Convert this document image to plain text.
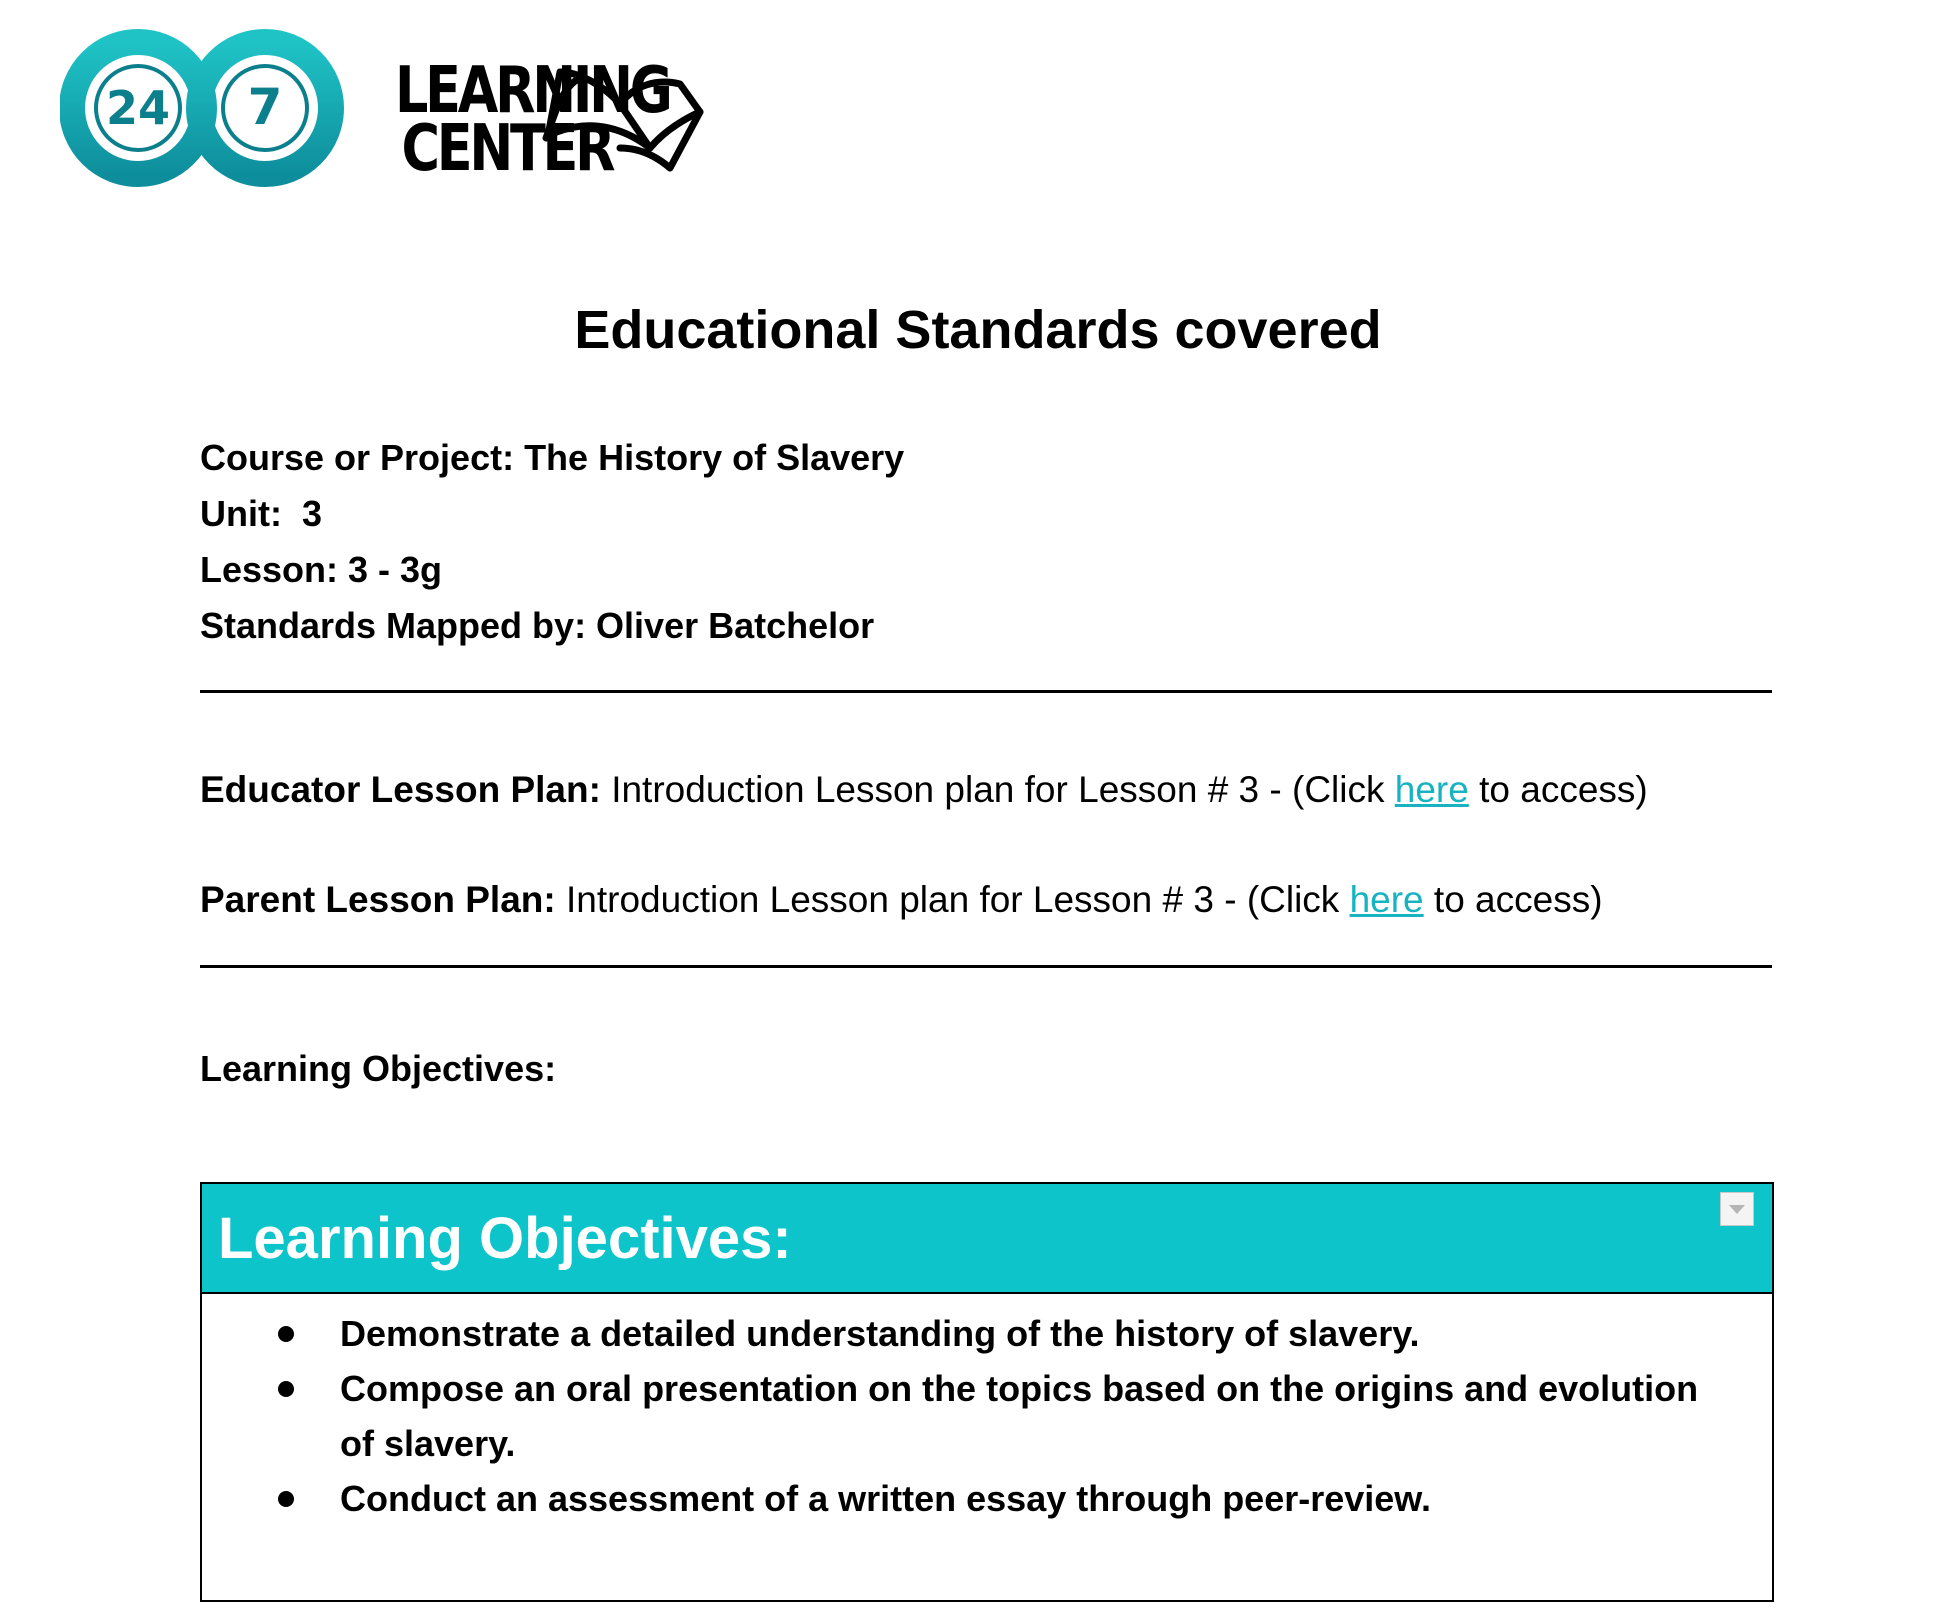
24 7 LEARNING
CENTER
Educational Standards covered
Course or Project: The History of Slavery
Unit:  3
Lesson: 3 - 3g
Standards Mapped by: Oliver Batchelor
Educator Lesson Plan: Introduction Lesson plan for Lesson # 3 - (Click here to access)
Parent Lesson Plan: Introduction Lesson plan for Lesson # 3 - (Click here to access)
Learning Objectives:
Learning Objectives:
Demonstrate a detailed understanding of the history of slavery.
Compose an oral presentation on the topics based on the origins and evolution of slavery.
Conduct an assessment of a written essay through peer-review.
